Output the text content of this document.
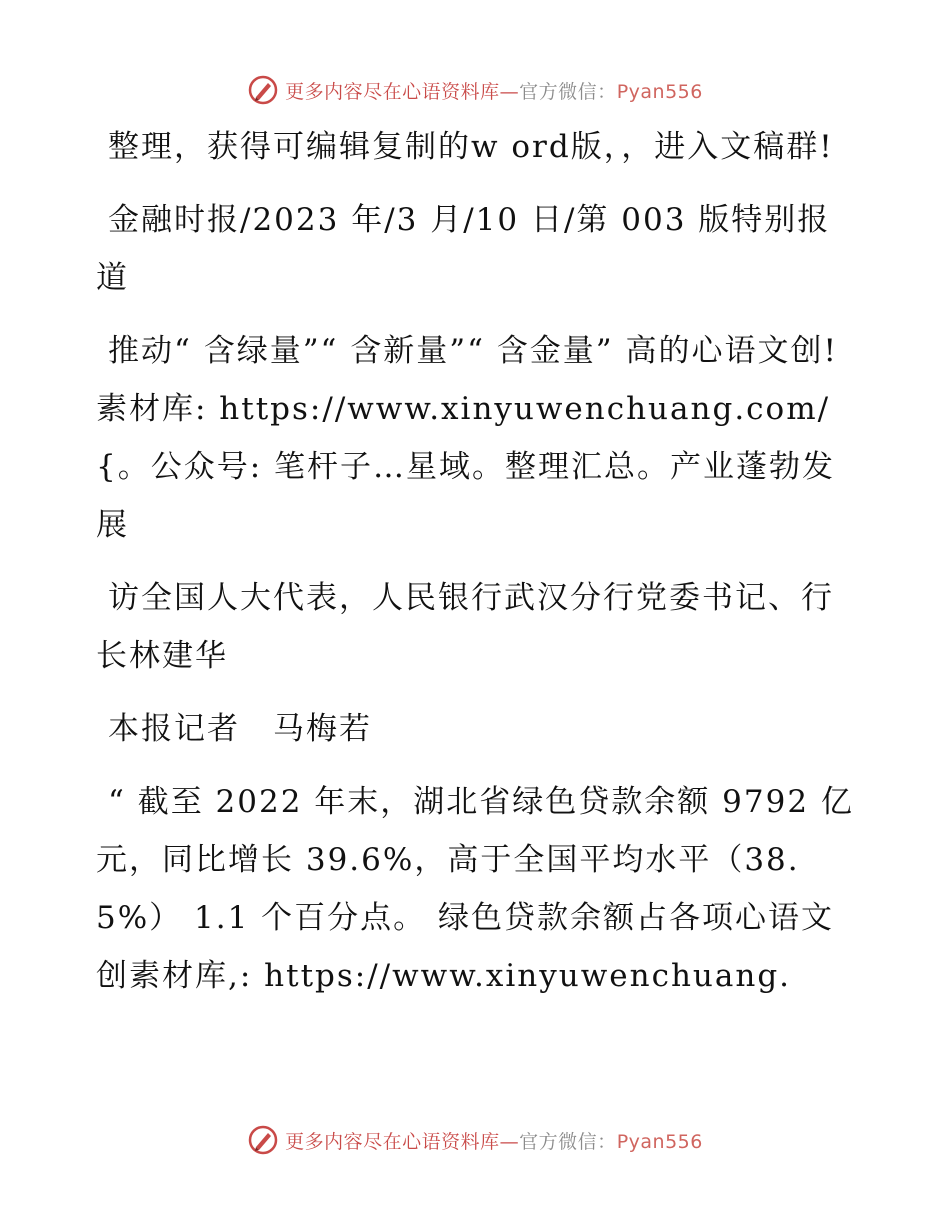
更多内容尽在心语资料库—官方微信：Pyan556

整理，获得可编辑复制的w ord版，，进入文稿群!

金融时报/2023 年/3 月/10 日/第 003 版特别报道

推动“ 含绿量”“ 含新量”“ 含金量” 高的心语文创! 素材库: https://www.xinyuwenchuang.com/{。公众号: 笔杆子…星域。整理汇总。产业蓬勃发展

访全国人大代表，人民银行武汉分行党委书记、行长林建华

本报记者　马梅若

“ 截至 2022 年末，湖北省绿色贷款余额 9792 亿元，同比增长 39.6%，高于全国平均水平（38.5%） 1.1 个百分点。 绿色贷款余额占各项心语文创素材库,: https://www.xinyuwenchuang.

更多内容尽在心语资料库—官方微信：Pyan556
